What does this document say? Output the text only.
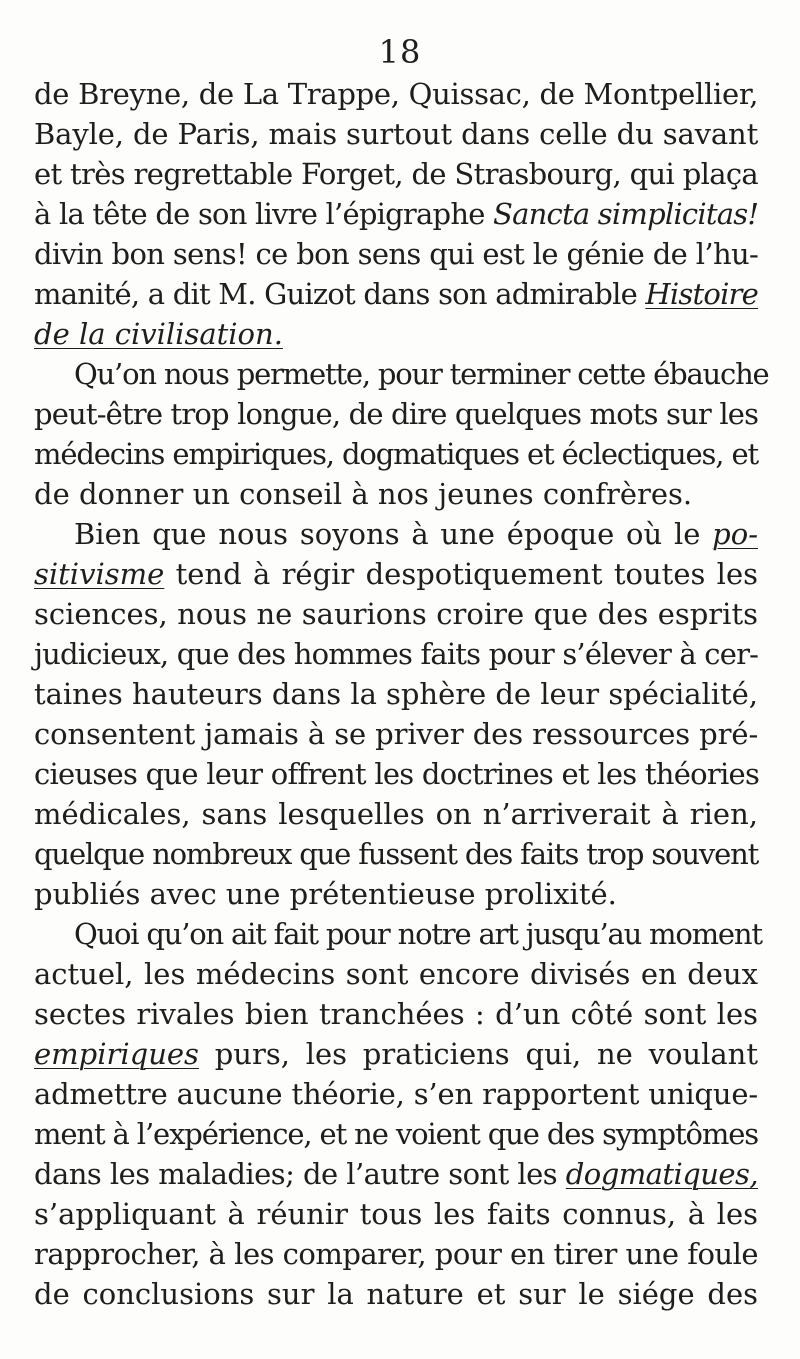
18
de Breyne, de La Trappe, Quissac, de Montpellier,
Bayle, de Paris, mais surtout dans celle du savant
et très regrettable Forget, de Strasbourg, qui plaça
à la tête de son livre l’épigraphe Sancta simplicitas!
divin bon sens! ce bon sens qui est le génie de l’hu-
manité, a dit M. Guizot dans son admirable Histoire
de la civilisation.
Qu’on nous permette, pour terminer cette ébauche
peut-être trop longue, de dire quelques mots sur les
médecins empiriques, dogmatiques et éclectiques, et
de donner un conseil à nos jeunes confrères.
Bien que nous soyons à une époque où le po-
sitivisme tend à régir despotiquement toutes les
sciences, nous ne saurions croire que des esprits
judicieux, que des hommes faits pour s’élever à cer-
taines hauteurs dans la sphère de leur spécialité,
consentent jamais à se priver des ressources pré-
cieuses que leur offrent les doctrines et les théories
médicales, sans lesquelles on n’arriverait à rien,
quelque nombreux que fussent des faits trop souvent
publiés avec une prétentieuse prolixité.
Quoi qu’on ait fait pour notre art jusqu’au moment
actuel, les médecins sont encore divisés en deux
sectes rivales bien tranchées : d’un côté sont les
empiriques purs, les praticiens qui, ne voulant
admettre aucune théorie, s’en rapportent unique-
ment à l’expérience, et ne voient que des symptômes
dans les maladies; de l’autre sont les dogmatiques,
s’appliquant à réunir tous les faits connus, à les
rapprocher, à les comparer, pour en tirer une foule
de conclusions sur la nature et sur le siége des
